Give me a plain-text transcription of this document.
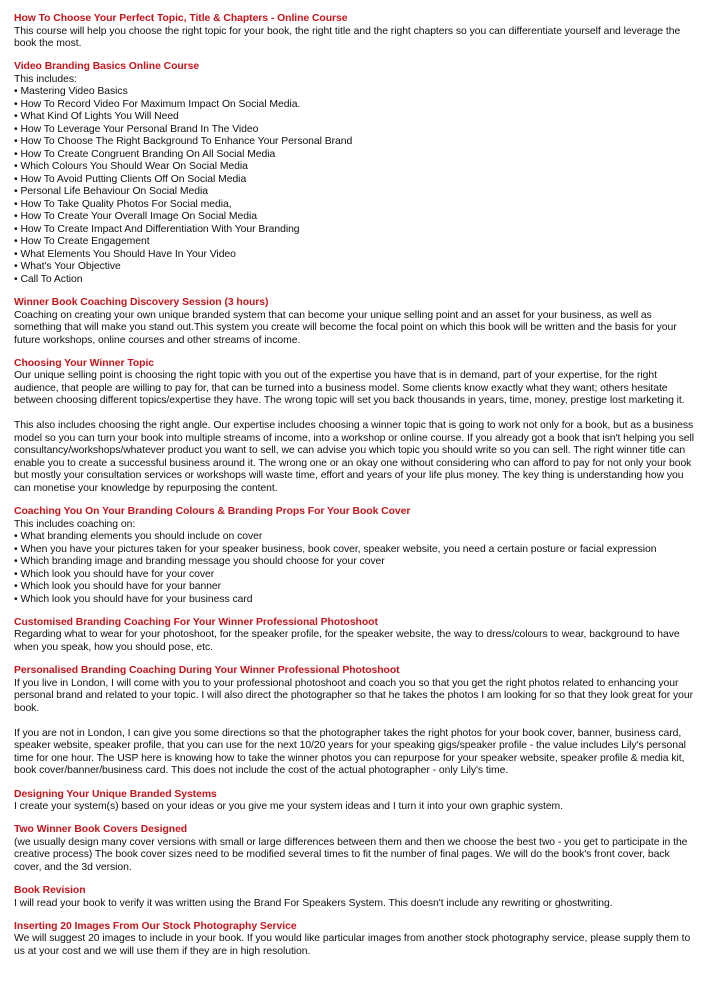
How To Choose Your Perfect Topic, Title & Chapters - Online Course

This course will help you choose the right topic for your book, the right title and the right chapters so you can differentiate yourself and leverage the book the most.

Video Branding Basics Online Course

This includes:

• Mastering Video Basics
• How To Record Video For Maximum Impact On Social Media.
• What Kind Of Lights You Will Need
• How To Leverage Your Personal Brand In The Video
• How To Choose The Right Background To Enhance Your Personal Brand
• How To Create Congruent Branding On All Social Media
• Which Colours You Should Wear On Social Media
• How To Avoid Putting Clients Off On Social Media
• Personal Life Behaviour On Social Media
• How To Take Quality Photos For Social media,
• How To Create Your Overall Image On Social Media
• How To Create Impact And Differentiation With Your Branding
• How To Create Engagement
• What Elements You Should Have In Your Video
• What's Your Objective
• Call To Action

Winner Book Coaching Discovery Session (3 hours)

Coaching on creating your own unique branded system that can become your unique selling point and an asset for your business, as well as something that will make you stand out.This system you create will become the focal point on which this book will be written and the basis for your future workshops, online courses and other streams of income.

Choosing Your Winner Topic

Our unique selling point is choosing the right topic with you out of the expertise you have that is in demand, part of your expertise, for the right audience, that people are willing to pay for, that can be turned into a business model. Some clients know exactly what they want; others hesitate between choosing different topics/expertise they have. The wrong topic will set you back thousands in years, time, money, prestige lost marketing it.

This also includes choosing the right angle. Our expertise includes choosing a winner topic that is going to work not only for a book, but as a business model so you can turn your book into multiple streams of income, into a workshop or online course. If you already got a book that isn't helping you sell consultancy/workshops/whatever product you want to sell, we can advise you which topic you should write so you can sell. The right winner title can enable you to create a successful business around it. The wrong one or an okay one without considering who can afford to pay for not only your book but mostly your consultation services or workshops will waste time, effort and years of your life plus money. The key thing is understanding how you can monetise your knowledge by repurposing the content.

Coaching You On Your Branding Colours & Branding Props For Your Book Cover

This includes coaching on:

• What branding elements you should include on cover
• When you have your pictures taken for your speaker business, book cover, speaker website, you need a certain posture or facial expression
• Which branding image and branding message you should choose for your cover
• Which look you should have for your cover
• Which look you should have for your banner
• Which look you should have for your business card

Customised Branding Coaching For Your Winner Professional Photoshoot

Regarding what to wear for your photoshoot, for the speaker profile, for the speaker website, the way to dress/colours to wear, background to have when you speak, how you should pose, etc.

Personalised Branding Coaching During Your Winner Professional Photoshoot

If you live in London, I will come with you to your professional photoshoot and coach you so that you get the right photos related to enhancing your personal brand and related to your topic. I will also direct the photographer so that he takes the photos I am looking for so that they look great for your book.

If you are not in London, I can give you some directions so that the photographer takes the right photos for your book cover, banner, business card, speaker website, speaker profile, that you can use for the next 10/20 years for your speaking gigs/speaker profile - the value includes Lily's personal time for one hour. The USP here is knowing how to take the winner photos you can repurpose for your speaker website, speaker profile & media kit, book cover/banner/business card. This does not include the cost of the actual photographer - only Lily's time.

Designing Your Unique Branded Systems

I create your system(s) based on your ideas or you give me your system ideas and I turn it into your own graphic system.

Two Winner Book Covers Designed

(we usually design many cover versions with small or large differences between them and then we choose the best two - you get to participate in the creative process) The book cover sizes need to be modified several times to fit the number of final pages. We will do the book's front cover, back cover, and the 3d version.

Book Revision

I will read your book to verify it was written using the Brand For Speakers System. This doesn't include any rewriting or ghostwriting.

Inserting 20 Images From Our Stock Photography Service

We will suggest 20 images to include in your book. If you would like particular images from another stock photography service, please supply them to us at your cost and we will use them if they are in high resolution.
